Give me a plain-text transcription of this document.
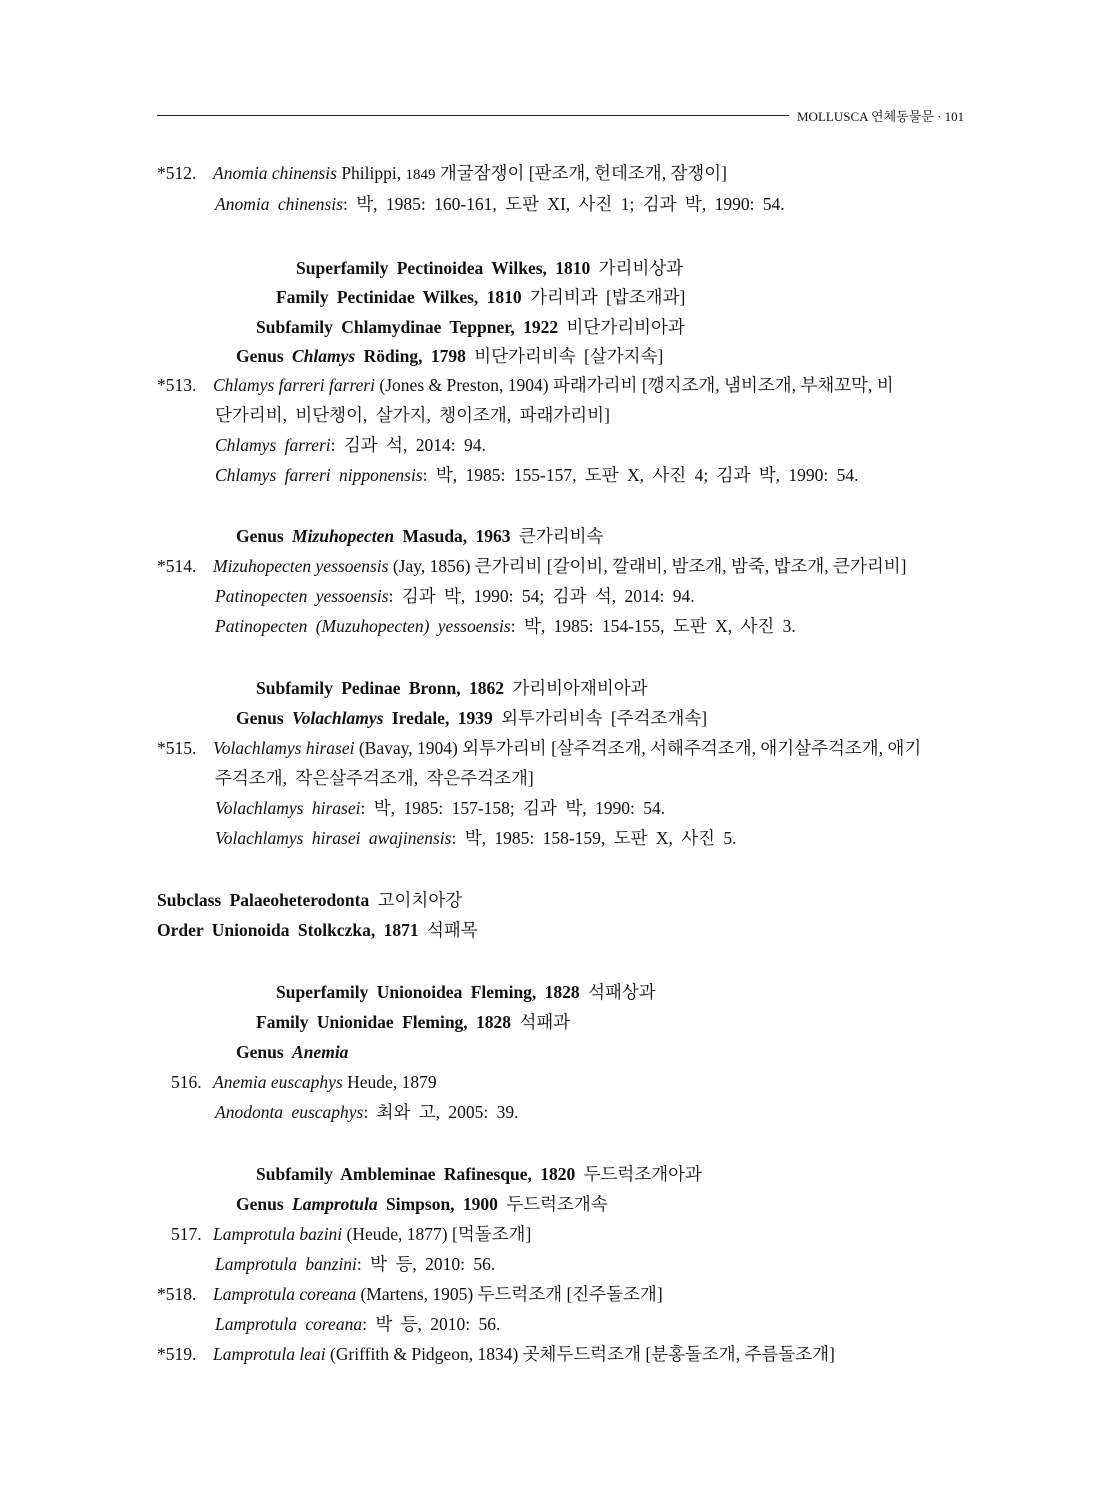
MOLLUSCA 연체동물문 · 101
*512. Anomia chinensis Philippi, 1849 개굴잠쟁이 [판조개, 헌데조개, 잠쟁이]
Anomia chinensis: 박, 1985: 160-161, 도판 XI, 사진 1; 김과 박, 1990: 54.
Superfamily Pectinoidea Wilkes, 1810 가리비상과
Family Pectinidae Wilkes, 1810 가리비과 [밥조개과]
Subfamily Chlamydinae Teppner, 1922 비단가리비아과
Genus Chlamys Röding, 1798 비단가리비속 [살가지속]
*513. Chlamys farreri farreri (Jones & Preston, 1904) 파래가리비 [깽지조개, 냄비조개, 부채꼬막, 비
단가리비, 비단챙이, 살가지, 챙이조개, 파래가리비]
Chlamys farreri: 김과 석, 2014: 94.
Chlamys farreri nipponensis: 박, 1985: 155-157, 도판 X, 사진 4; 김과 박, 1990: 54.
Genus Mizuhopecten Masuda, 1963 큰가리비속
*514. Mizuhopecten yessoensis (Jay, 1856) 큰가리비 [갈이비, 깔래비, 밤조개, 밤죽, 밥조개, 큰가리비]
Patinopecten yessoensis: 김과 박, 1990: 54; 김과 석, 2014: 94.
Patinopecten (Muzuhopecten) yessoensis: 박, 1985: 154-155, 도판 X, 사진 3.
Subfamily Pedinae Bronn, 1862 가리비아재비아과
Genus Volachlamys Iredale, 1939 외투가리비속 [주걱조개속]
*515. Volachlamys hirasei (Bavay, 1904) 외투가리비 [살주걱조개, 서해주걱조개, 애기살주걱조개, 애기
주걱조개, 작은살주걱조개, 작은주걱조개]
Volachlamys hirasei: 박, 1985: 157-158; 김과 박, 1990: 54.
Volachlamys hirasei awajinensis: 박, 1985: 158-159, 도판 X, 사진 5.
Subclass Palaeoheterodonta 고이치아강
Order Unionoida Stolkczka, 1871 석패목
Superfamily Unionoidea Fleming, 1828 석패상과
Family Unionidae Fleming, 1828 석패과
Genus Anemia
516. Anemia euscaphys Heude, 1879
Anodonta euscaphys: 최와 고, 2005: 39.
Subfamily Ambleminae Rafinesque, 1820 두드럭조개아과
Genus Lamprotula Simpson, 1900 두드럭조개속
517. Lamprotula bazini (Heude, 1877) [먹돌조개]
Lamprotula banzini: 박 등, 2010: 56.
*518. Lamprotula coreana (Martens, 1905) 두드럭조개 [진주돌조개]
Lamprotula coreana: 박 등, 2010: 56.
*519. Lamprotula leai (Griffith & Pidgeon, 1834) 곳체두드럭조개 [분홍돌조개, 주름돌조개]
